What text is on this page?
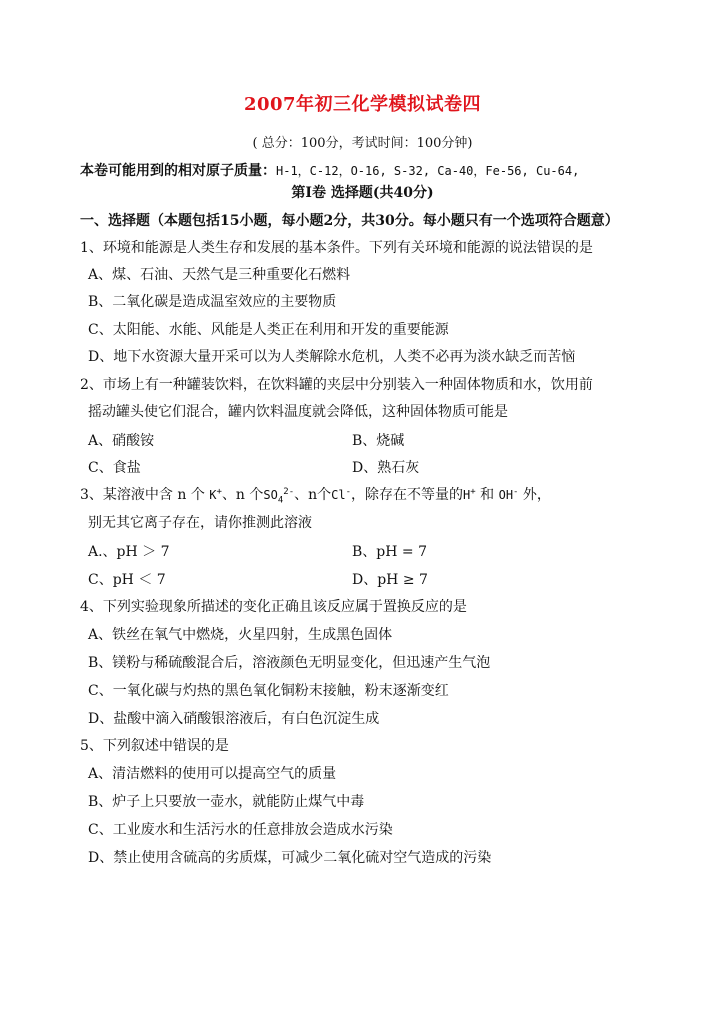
2007年初三化学模拟试卷四
( 总分：100分，考试时间：100分钟)
本卷可能用到的相对原子质量：H-1，C-12，O-16, S-32, Ca-40，Fe-56, Cu-64,
第Ⅰ卷 选择题(共40分)
一、选择题（本题包括15小题，每小题2分，共30分。每小题只有一个选项符合题意）
1、环境和能源是人类生存和发展的基本条件。下列有关环境和能源的说法错误的是
A、煤、石油、天然气是三种重要化石燃料
B、二氧化碳是造成温室效应的主要物质
C、太阳能、水能、风能是人类正在利用和开发的重要能源
D、地下水资源大量开采可以为人类解除水危机，人类不必再为淡水缺乏而苦恼
2、市场上有一种罐装饮料，在饮料罐的夹层中分别装入一种固体物质和水，饮用前
摇动罐头使它们混合，罐内饮料温度就会降低，这种固体物质可能是
A、硝酸铵	B、烧碱
C、食盐	D、熟石灰
3、某溶液中含 n 个 K+、n 个$SO_4^{2-}$、n个Cl-，除存在不等量的H+ 和 OH- 外，
别无其它离子存在，请你推测此溶液
A.、pH ＞ 7	B、pH = 7
C、pH ＜ 7	D、pH ≥ 7
4、下列实验现象所描述的变化正确且该反应属于置换反应的是
A、铁丝在氧气中燃烧，火星四射，生成黑色固体
B、镁粉与稀硫酸混合后，溶液颜色无明显变化，但迅速产生气泡
C、一氧化碳与灼热的黑色氧化铜粉末接触，粉末逐渐变红
D、盐酸中滴入硝酸银溶液后，有白色沉淀生成
5、下列叙述中错误的是
A、清洁燃料的使用可以提高空气的质量
B、炉子上只要放一壶水，就能防止煤气中毒
C、工业废水和生活污水的任意排放会造成水污染
D、禁止使用含硫高的劣质煤，可减少二氧化硫对空气造成的污染
